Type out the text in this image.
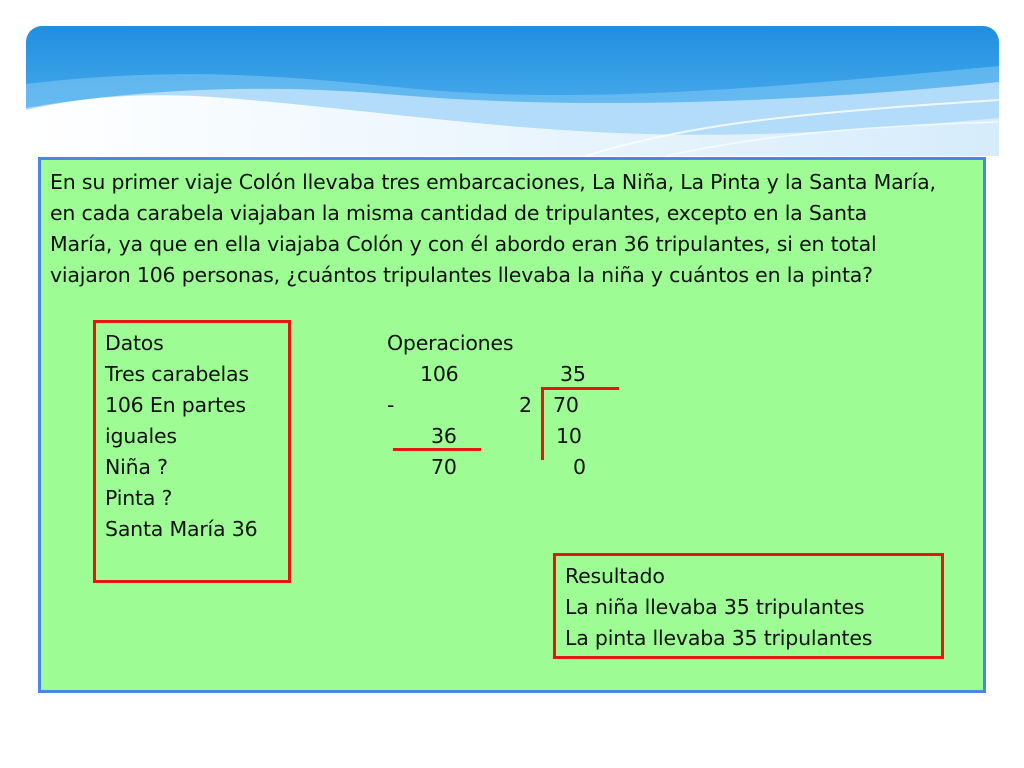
En su primer viaje Colón llevaba tres embarcaciones, La Niña, La Pinta y la Santa María,
en cada carabela viajaban la misma cantidad de tripulantes, excepto en la Santa
María, ya que en ella viajaba Colón y con él abordo eran 36 tripulantes, si en total
viajaron 106 personas, ¿cuántos tripulantes llevaba la niña y cuántos en la pinta?
Datos
Tres carabelas
106 En partes
iguales
Niña ?
Pinta ?
Santa María 36
Operaciones
106
-
36
70
35
2 70
10
0
Resultado
La niña llevaba 35 tripulantes
La pinta llevaba 35 tripulantes
